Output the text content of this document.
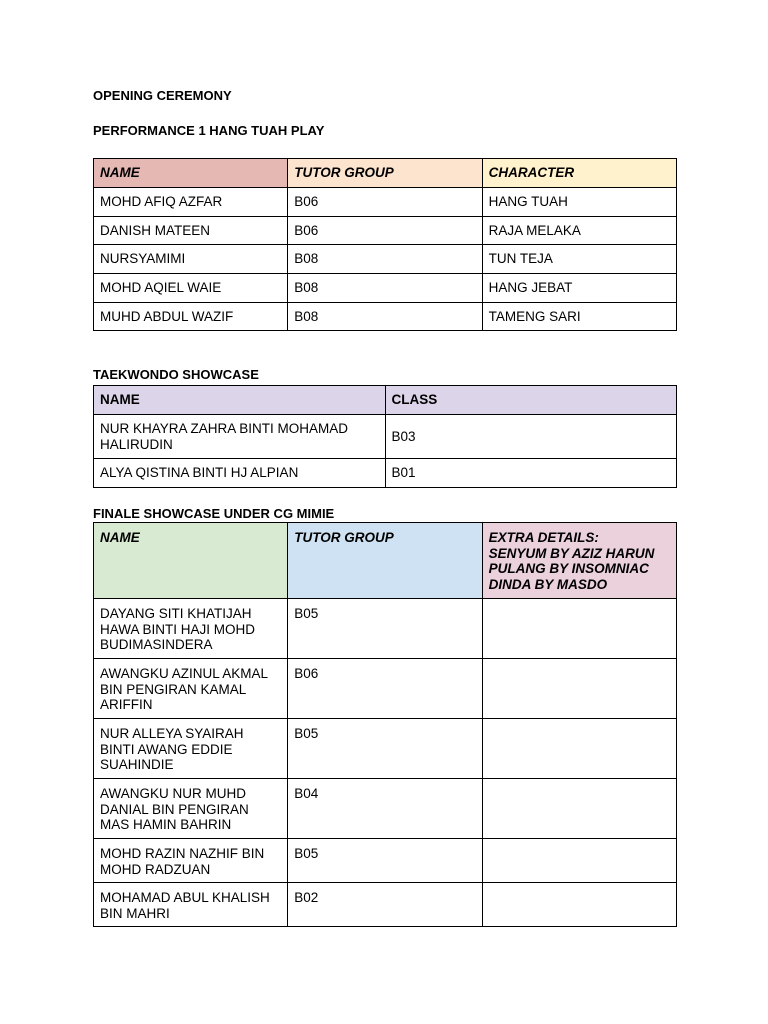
OPENING CEREMONY

PERFORMANCE 1 HANG TUAH PLAY

NAME	TUTOR GROUP	CHARACTER
MOHD AFIQ AZFAR	B06	HANG TUAH
DANISH MATEEN	B06	RAJA MELAKA
NURSYAMIMI	B08	TUN TEJA
MOHD AQIEL WAIE	B08	HANG JEBAT
MUHD ABDUL WAZIF	B08	TAMENG SARI

TAEKWONDO SHOWCASE

NAME	CLASS
NUR KHAYRA ZAHRA BINTI MOHAMAD
HALIRUDIN	B03
ALYA QISTINA BINTI HJ ALPIAN	B01

FINALE SHOWCASE UNDER CG MIMIE

NAME	TUTOR GROUP	EXTRA DETAILS:
SENYUM BY AZIZ HARUN
PULANG BY INSOMNIAC
DINDA BY MASDO
DAYANG SITI KHATIJAH
HAWA BINTI HAJI MOHD
BUDIMASINDERA	B05	
AWANGKU AZINUL AKMAL
BIN PENGIRAN KAMAL
ARIFFIN	B06	
NUR ALLEYA SYAIRAH
BINTI AWANG EDDIE
SUAHINDIE	B05	
AWANGKU NUR MUHD
DANIAL BIN PENGIRAN
MAS HAMIN BAHRIN	B04	
MOHD RAZIN NAZHIF BIN
MOHD RADZUAN	B05	
MOHAMAD ABUL KHALISH
BIN MAHRI	B02	
